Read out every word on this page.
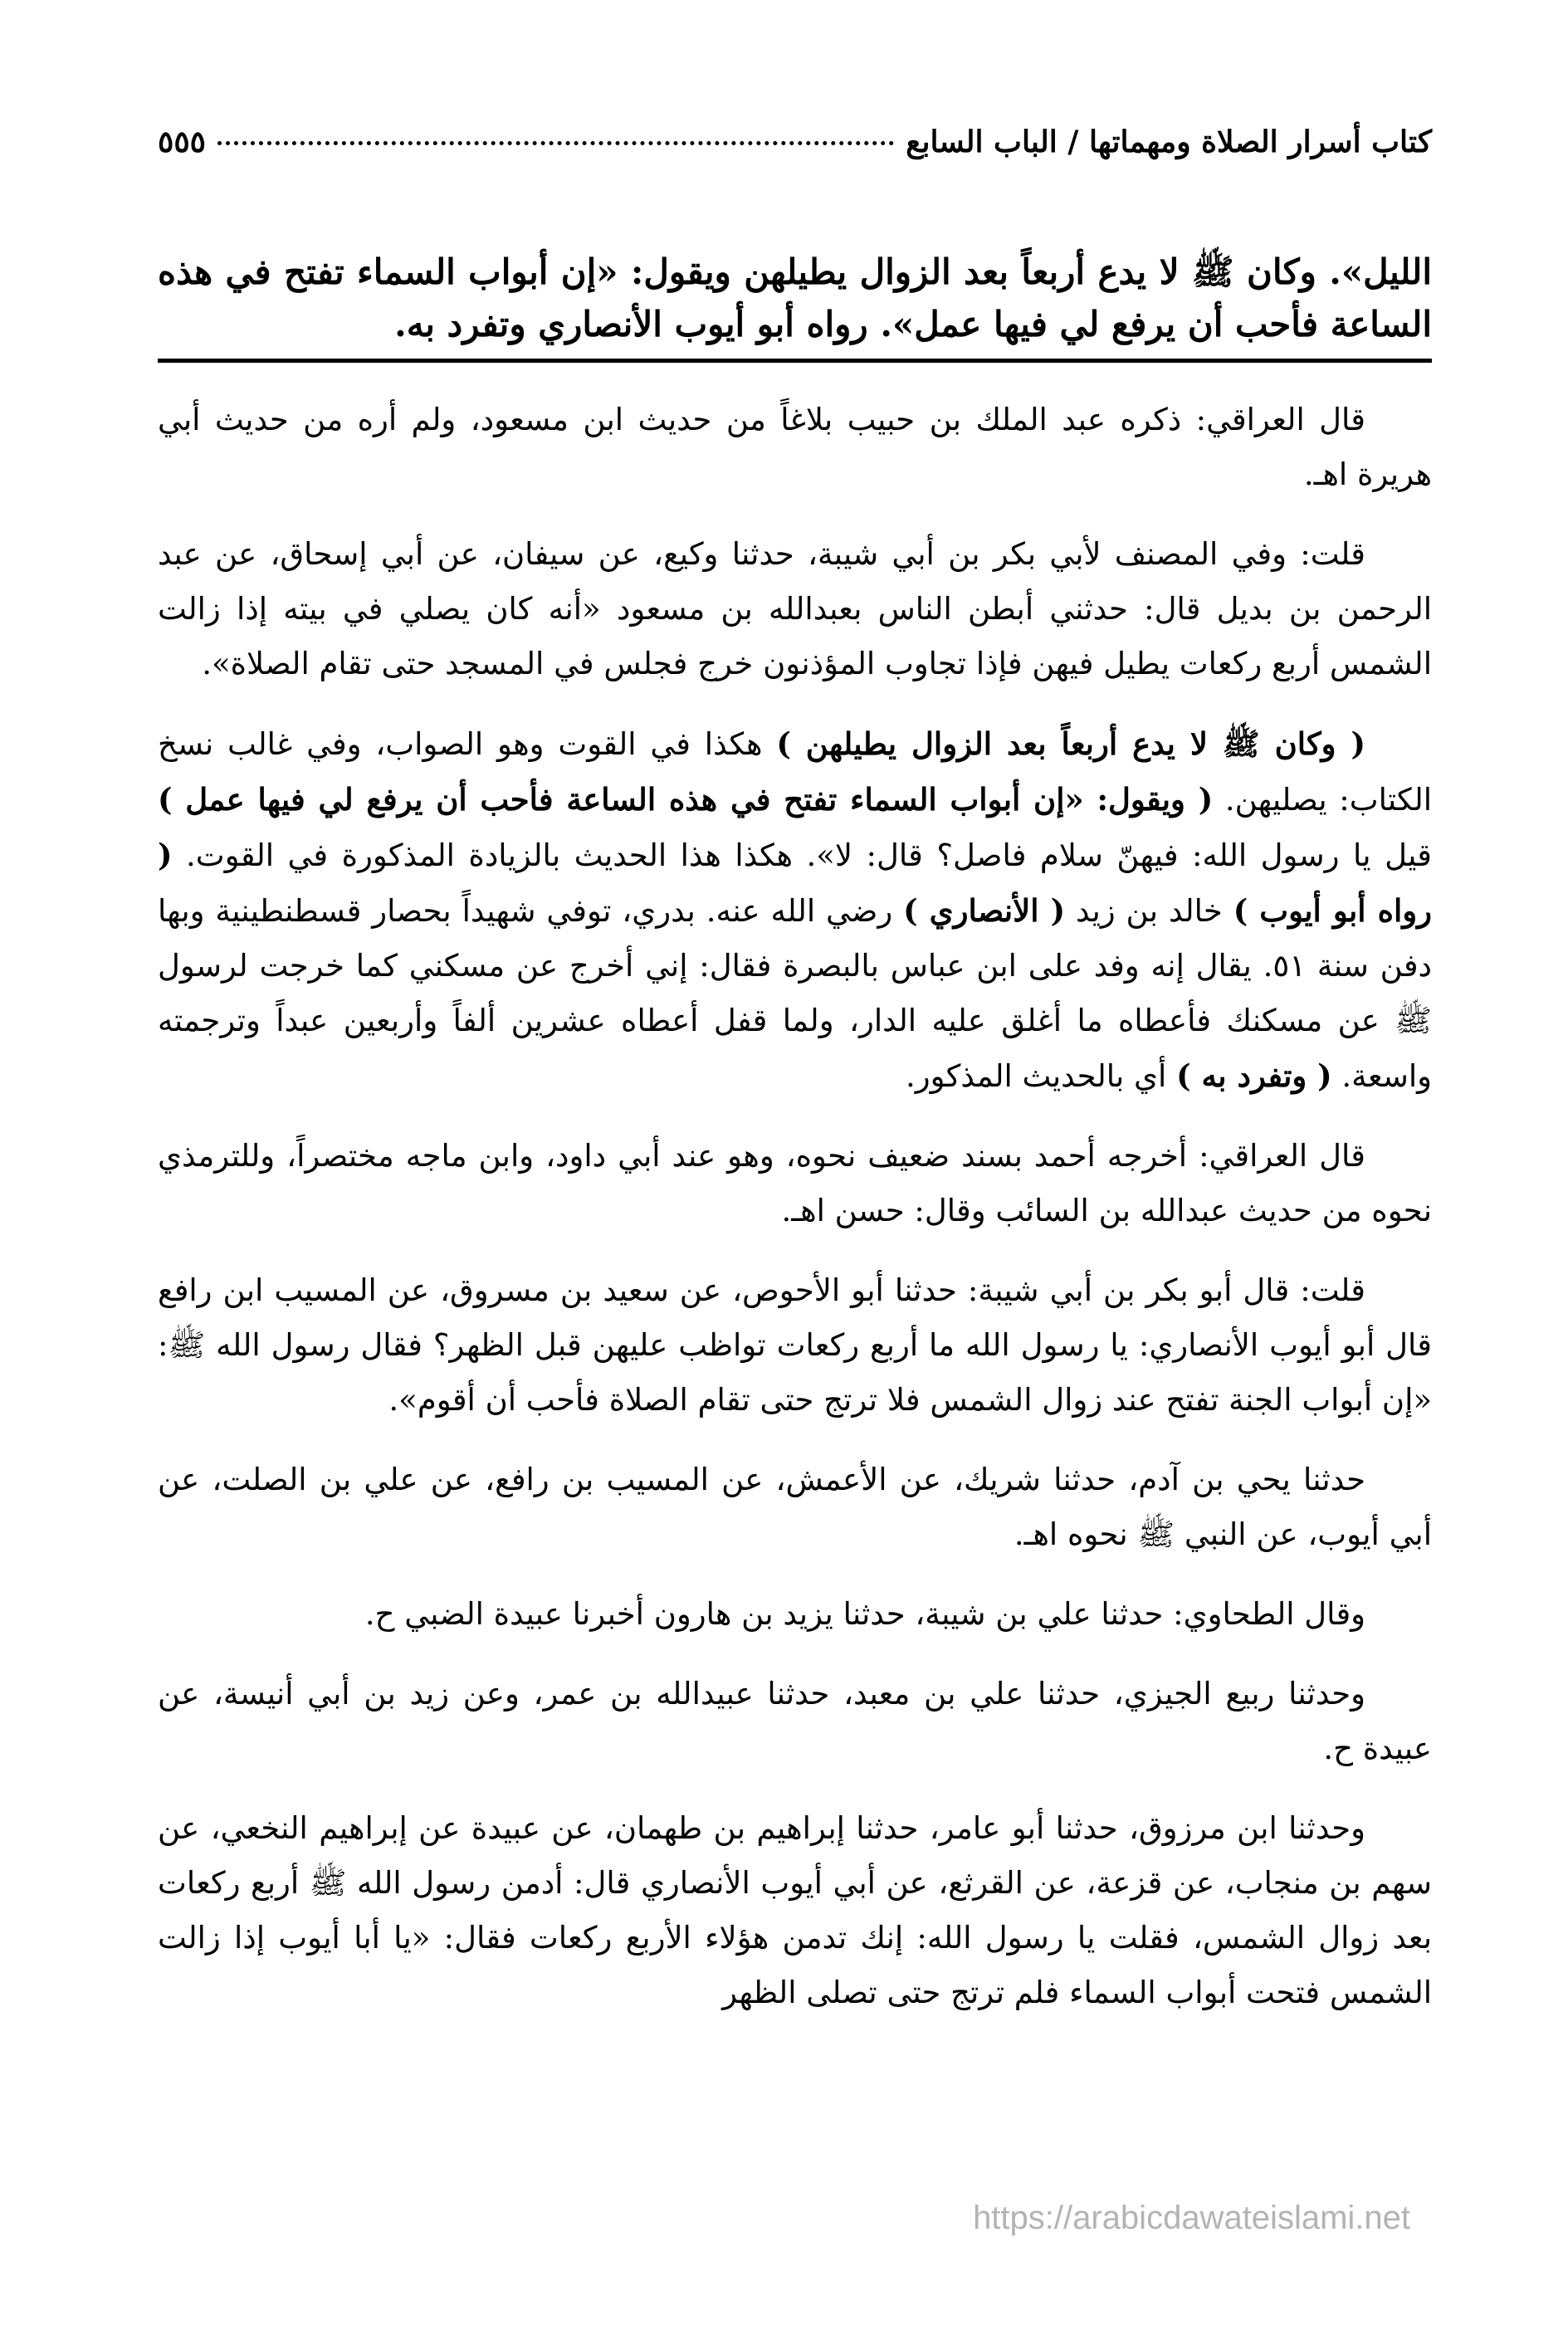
كتاب أسرار الصلاة ومهماتها / الباب السابع
٥٥٥
الليل». وكان ﷺ لا يدع أربعاً بعد الزوال يطيلهن ويقول: «إن أبواب السماء تفتح في هذه الساعة فأحب أن يرفع لي فيها عمل». رواه أبو أيوب الأنصاري وتفرد به.

قال العراقي: ذكره عبد الملك بن حبيب بلاغاً من حديث ابن مسعود، ولم أره من حديث أبي هريرة اهـ.

قلت: وفي المصنف لأبي بكر بن أبي شيبة، حدثنا وكيع، عن سيفان، عن أبي إسحاق، عن عبد الرحمن بن بديل قال: حدثني أبطن الناس بعبدالله بن مسعود «أنه كان يصلي في بيته إذا زالت الشمس أربع ركعات يطيل فيهن فإذا تجاوب المؤذنون خرج فجلس في المسجد حتى تقام الصلاة».

( وكان ﷺ لا يدع أربعاً بعد الزوال يطيلهن ) هكذا في القوت وهو الصواب، وفي غالب نسخ الكتاب: يصليهن. ( ويقول: «إن أبواب السماء تفتح في هذه الساعة فأحب أن يرفع لي فيها عمل ) قيل يا رسول الله: فيهنّ سلام فاصل؟ قال: لا». هكذا هذا الحديث بالزيادة المذكورة في القوت. ( رواه أبو أيوب ) خالد بن زيد ( الأنصاري ) رضي الله عنه. بدري، توفي شهيداً بحصار قسطنطينية وبها دفن سنة ٥١. يقال إنه وفد على ابن عباس بالبصرة فقال: إني أخرج عن مسكني كما خرجت لرسول ﷺ عن مسكنك فأعطاه ما أغلق عليه الدار، ولما قفل أعطاه عشرين ألفاً وأربعين عبداً وترجمته واسعة. ( وتفرد به ) أي بالحديث المذكور.

قال العراقي: أخرجه أحمد بسند ضعيف نحوه، وهو عند أبي داود، وابن ماجه مختصراً، وللترمذي نحوه من حديث عبدالله بن السائب وقال: حسن اهـ.

قلت: قال أبو بكر بن أبي شيبة: حدثنا أبو الأحوص، عن سعيد بن مسروق، عن المسيب ابن رافع قال أبو أيوب الأنصاري: يا رسول الله ما أربع ركعات تواظب عليهن قبل الظهر؟ فقال رسول الله ﷺ: «إن أبواب الجنة تفتح عند زوال الشمس فلا ترتج حتى تقام الصلاة فأحب أن أقوم».

حدثنا يحي بن آدم، حدثنا شريك، عن الأعمش، عن المسيب بن رافع، عن علي بن الصلت، عن أبي أيوب، عن النبي ﷺ نحوه اهـ.

وقال الطحاوي: حدثنا علي بن شيبة، حدثنا يزيد بن هارون أخبرنا عبيدة الضبي ح.

وحدثنا ربيع الجيزي، حدثنا علي بن معبد، حدثنا عبيدالله بن عمر، وعن زيد بن أبي أنيسة، عن عبيدة ح.

وحدثنا ابن مرزوق، حدثنا أبو عامر، حدثنا إبراهيم بن طهمان، عن عبيدة عن إبراهيم النخعي، عن سهم بن منجاب، عن قزعة، عن القرثع، عن أبي أيوب الأنصاري قال: أدمن رسول الله ﷺ أربع ركعات بعد زوال الشمس، فقلت يا رسول الله: إنك تدمن هؤلاء الأربع ركعات فقال: «يا أبا أيوب إذا زالت الشمس فتحت أبواب السماء فلم ترتج حتى تصلى الظهر

https://arabicdawateislami.net
